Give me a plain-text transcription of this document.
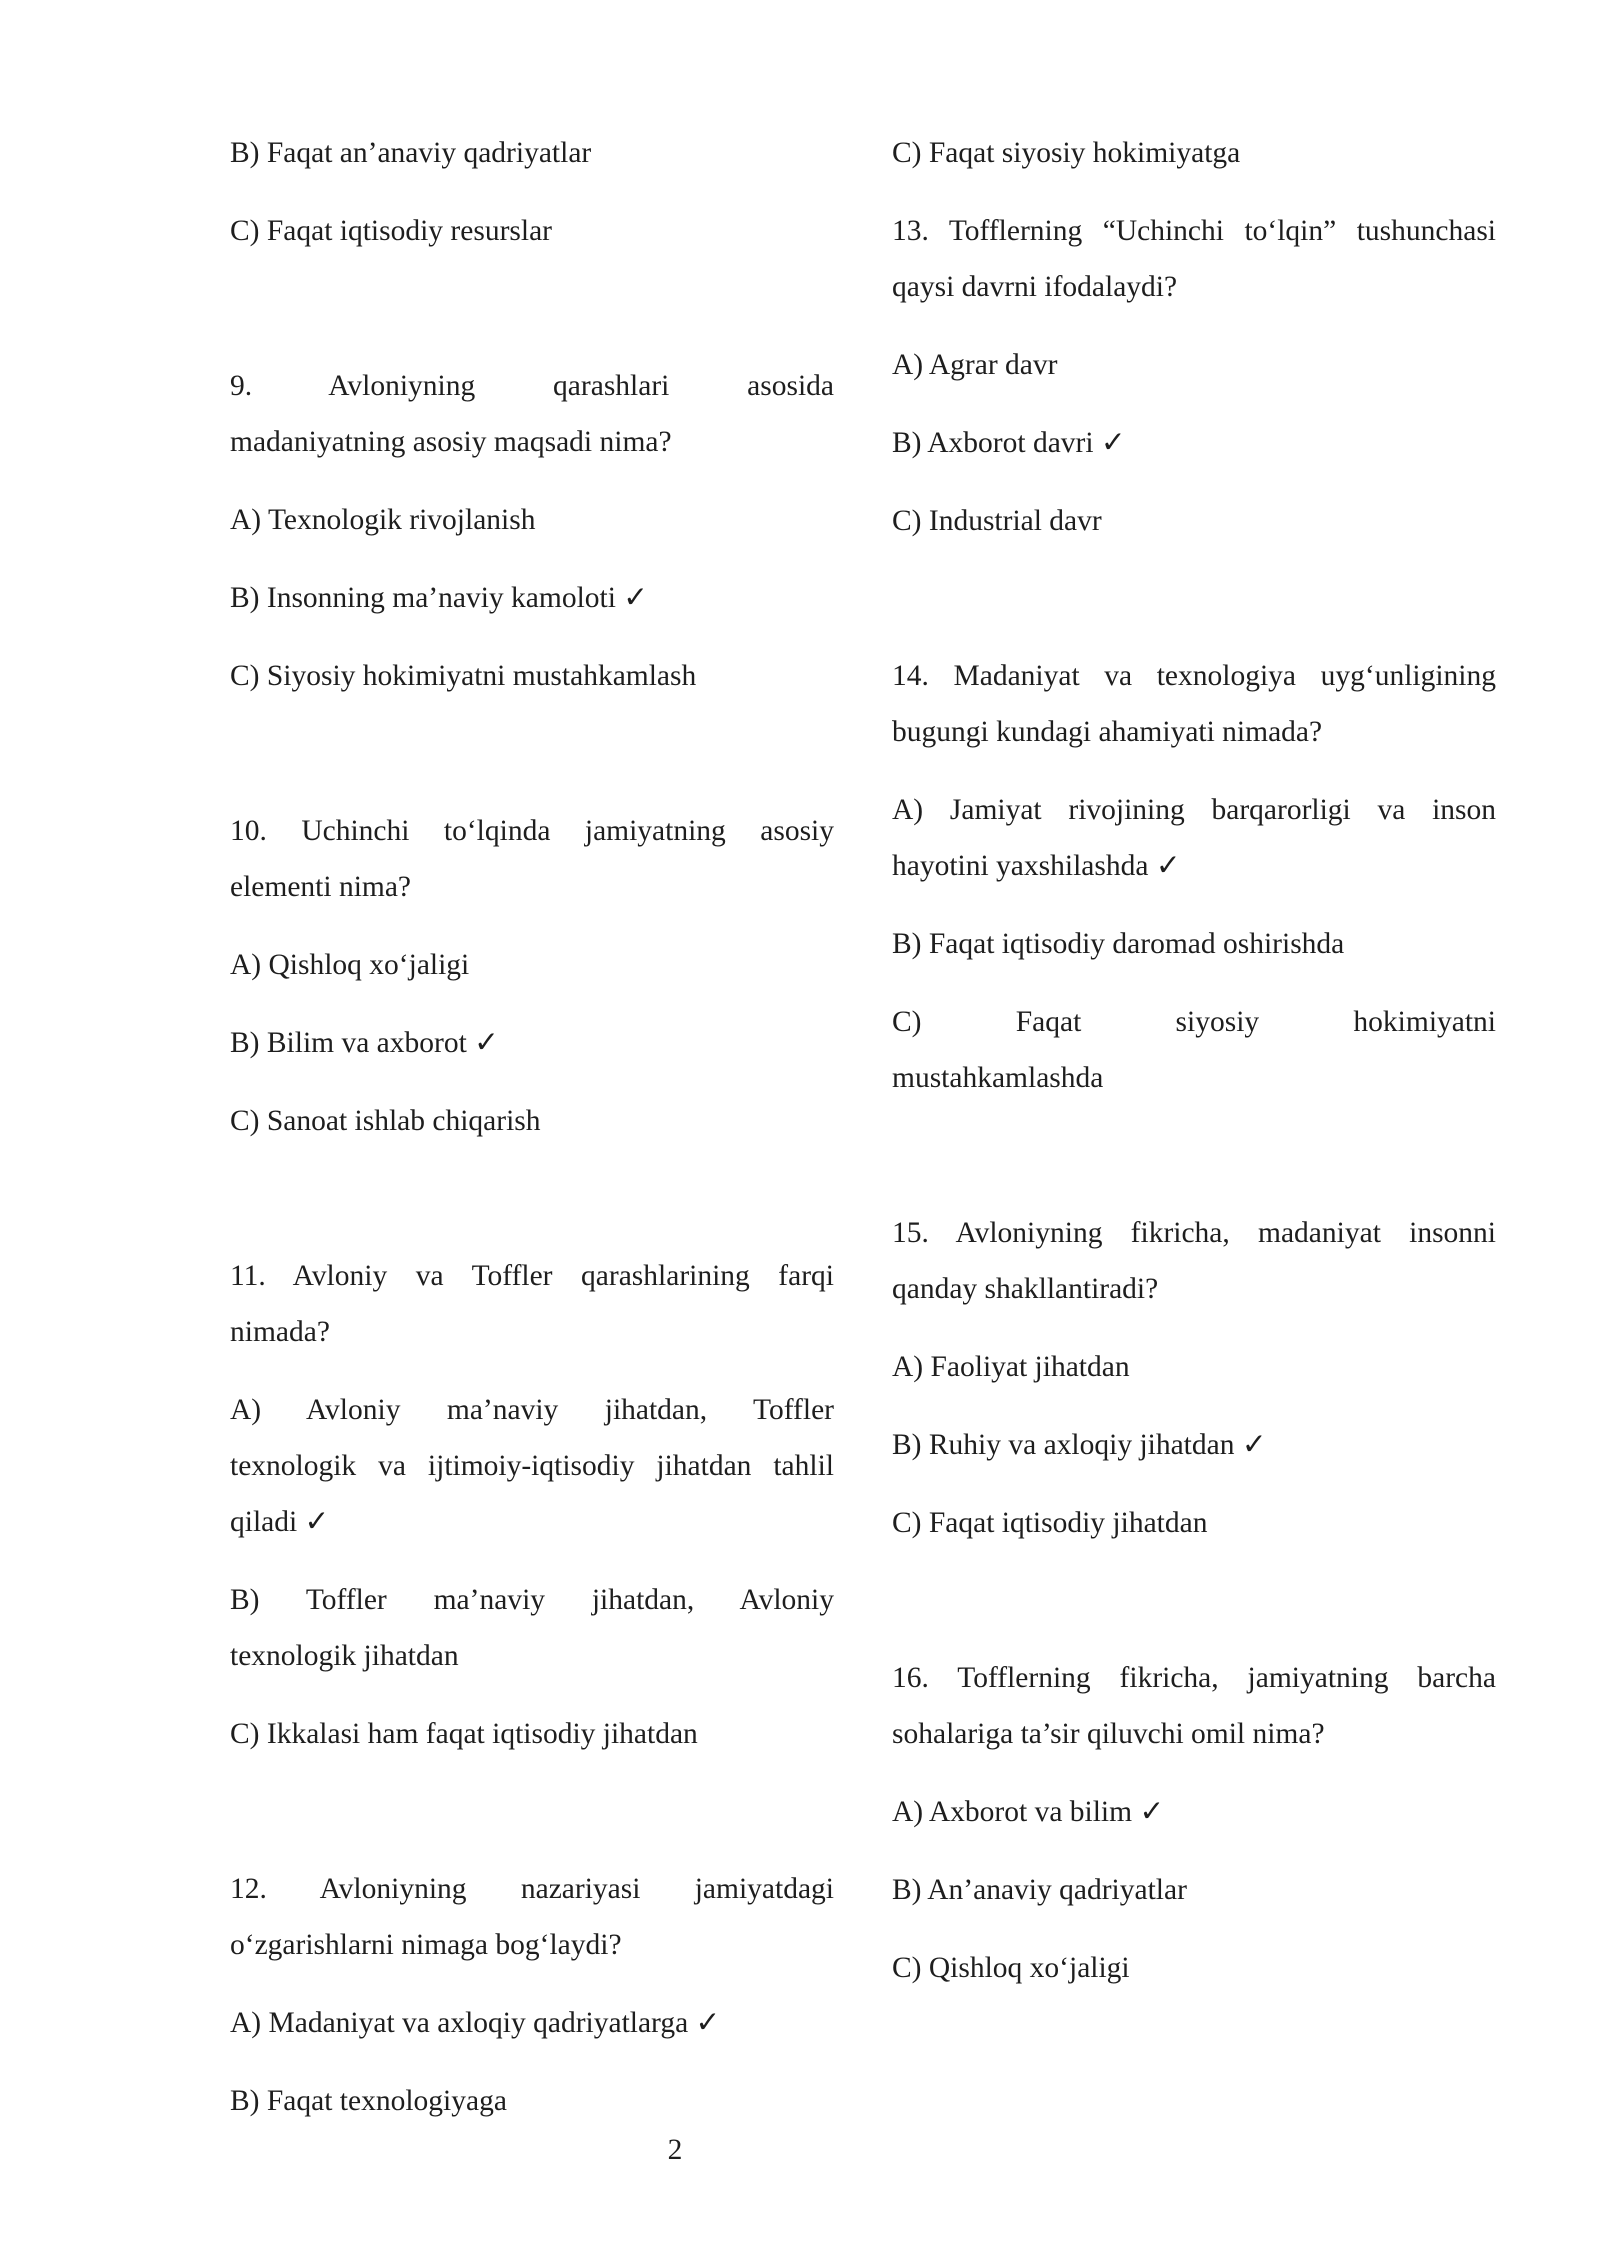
B) Faqat an’anaviy qadriyatlar

C) Faqat iqtisodiy resurslar

9. Avloniyning qarashlari asosida

madaniyatning asosiy maqsadi nima?

A) Texnologik rivojlanish

B) Insonning ma’naviy kamoloti ✓

C) Siyosiy hokimiyatni mustahkamlash

10. Uchinchi to‘lqinda jamiyatning asosiy

elementi nima?

A) Qishloq xo‘jaligi

B) Bilim va axborot ✓

C) Sanoat ishlab chiqarish

11. Avloniy va Toffler qarashlarining farqi

nimada?

A) Avloniy ma’naviy jihatdan, Toffler

texnologik va ijtimoiy-iqtisodiy jihatdan tahlil

qiladi ✓

B) Toffler ma’naviy jihatdan, Avloniy

texnologik jihatdan

C) Ikkalasi ham faqat iqtisodiy jihatdan

12. Avloniyning nazariyasi jamiyatdagi

o‘zgarishlarni nimaga bog‘laydi?

A) Madaniyat va axloqiy qadriyatlarga ✓

B) Faqat texnologiyaga

C) Faqat siyosiy hokimiyatga

13. Tofflerning “Uchinchi to‘lqin” tushunchasi

qaysi davrni ifodalaydi?

A) Agrar davr

B) Axborot davri ✓

C) Industrial davr

14. Madaniyat va texnologiya uyg‘unligining

bugungi kundagi ahamiyati nimada?

A) Jamiyat rivojining barqarorligi va inson

hayotini yaxshilashda ✓

B) Faqat iqtisodiy daromad oshirishda

C) Faqat siyosiy hokimiyatni

mustahkamlashda

15. Avloniyning fikricha, madaniyat insonni

qanday shakllantiradi?

A) Faoliyat jihatdan

B) Ruhiy va axloqiy jihatdan ✓

C) Faqat iqtisodiy jihatdan

16. Tofflerning fikricha, jamiyatning barcha

sohalariga ta’sir qiluvchi omil nima?

A) Axborot va bilim ✓

B) An’anaviy qadriyatlar

C) Qishloq xo‘jaligi

2
